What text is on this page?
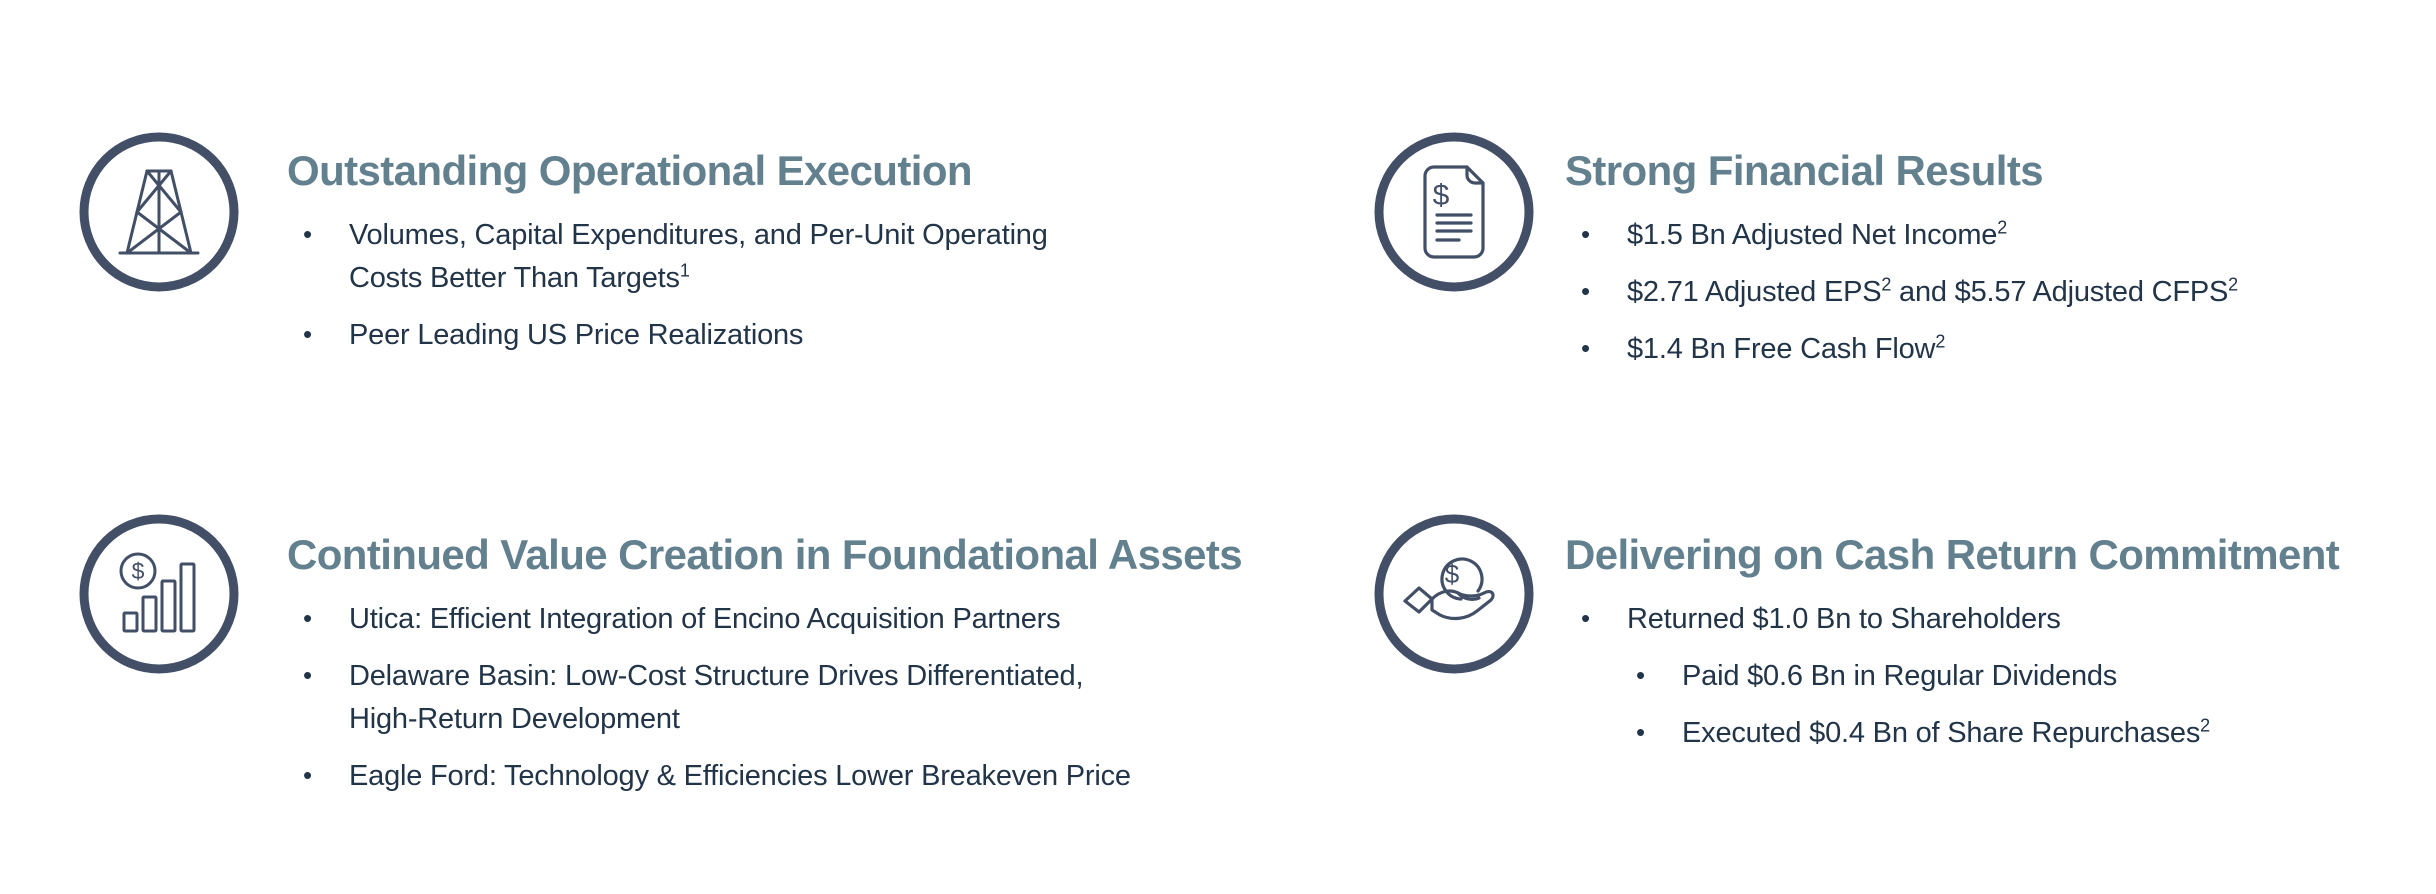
Outstanding Operational Execution
• Volumes, Capital Expenditures, and Per-Unit Operating
Costs Better Than Targets$^1$
• Peer Leading US Price Realizations
$
Strong Financial Results
• $1.5 Bn Adjusted Net Income$^2$
• $2.71 Adjusted EPS$^2$ and $5.57 Adjusted CFPS$^2$
• $1.4 Bn Free Cash Flow$^2$
$	Continued Value Creation in Foundational Assets
• Utica: Efficient Integration of Encino Acquisition Partners
• Delaware Basin: Low-Cost Structure Drives Differentiated,
High-Return Development
• Eagle Ford: Technology & Efficiencies Lower Breakeven Price
$	Delivering on Cash Return Commitment
• Returned $1.0 Bn to Shareholders
• Paid $0.6 Bn in Regular Dividends
• Executed $0.4 Bn of Share Repurchases$^2$
